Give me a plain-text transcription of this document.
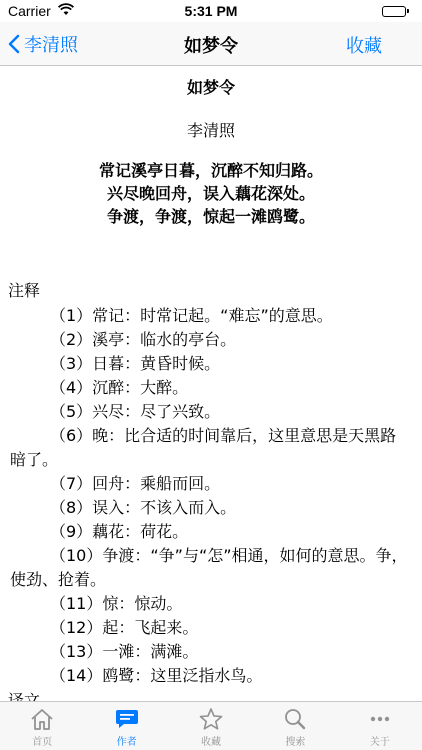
Carrier	5:31 PM
李清照	如梦令	收藏
如梦令
李清照
常记溪亭日暮，沉醉不知归路。
兴尽晚回舟，误入藕花深处。
争渡，争渡，惊起一滩鸥鹭。
注释
（1）常记：时常记起。“难忘”的意思。
（2）溪亭：临水的亭台。
（3）日暮：黄昏时候。
（4）沉醉：大醉。
（5）兴尽：尽了兴致。
（6）晚：比合适的时间靠后，这里意思是天黑路暗了。
（7）回舟：乘船而回。
（8）误入：不该入而入。
（9）藕花：荷花。
（10）争渡：“争”与“怎”相通，如何的意思。争，使劲、抢着。
（11）惊：惊动。
（12）起：飞起来。
（13）一滩：满滩。
（14）鸥鹭：这里泛指水鸟。
首页	作者	收藏	搜索	关于
